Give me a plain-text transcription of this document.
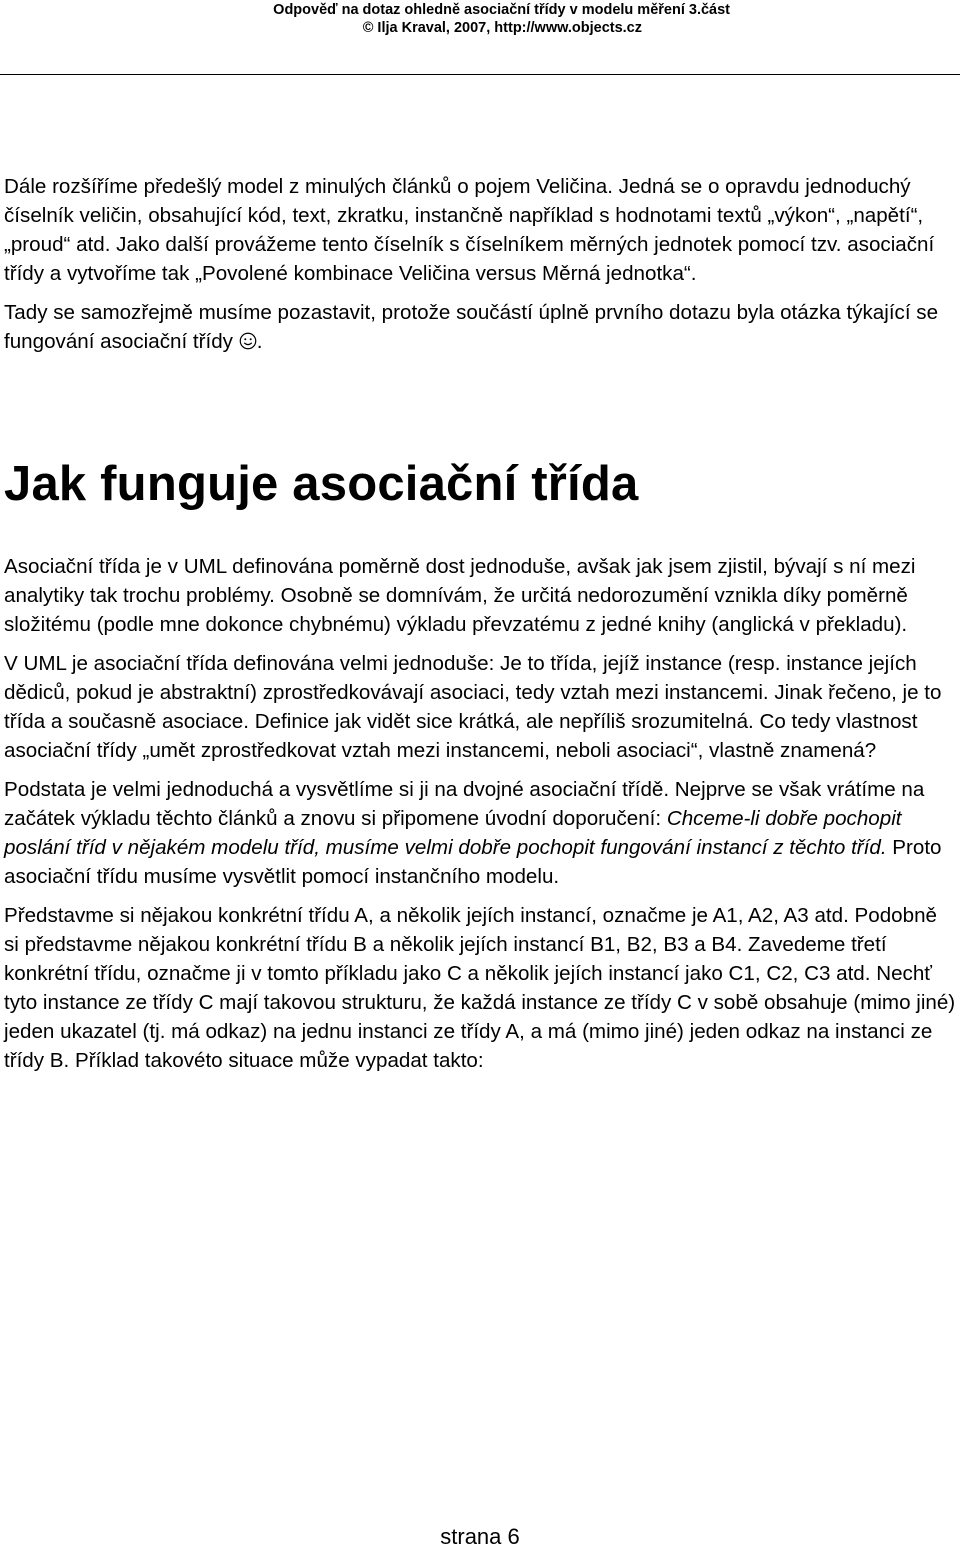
Odpověď na dotaz ohledně asociační třídy v modelu měření 3.část
© Ilja Kraval, 2007, http://www.objects.cz

Dále rozšíříme předešlý model z minulých článků o pojem Veličina. Jedná se o opravdu jednoduchý číselník veličin, obsahující kód, text, zkratku, instančně například s hodnotami textů „výkon“, „napětí“, „proud“ atd. Jako další provážeme tento číselník s číselníkem měrných jednotek pomocí tzv. asociační třídy a vytvoříme tak „Povolené kombinace Veličina versus Měrná jednotka“.

Tady se samozřejmě musíme pozastavit, protože součástí úplně prvního dotazu byla otázka týkající se fungování asociační třídy .

Jak funguje asociační třída

Asociační třída je v UML definována poměrně dost jednoduše, avšak jak jsem zjistil, bývají s ní mezi analytiky tak trochu problémy. Osobně se domnívám, že určitá nedorozumění vznikla díky poměrně složitému (podle mne dokonce chybnému) výkladu převzatému z jedné knihy (anglická v překladu).

V UML je asociační třída definována velmi jednoduše: Je to třída, jejíž instance (resp. instance jejích dědiců, pokud je abstraktní) zprostředkovávají asociaci, tedy vztah mezi instancemi. Jinak řečeno, je to třída a současně asociace. Definice jak vidět sice krátká, ale nepříliš srozumitelná. Co tedy vlastnost asociační třídy „umět zprostředkovat vztah mezi instancemi, neboli asociaci“, vlastně znamená?

Podstata je velmi jednoduchá a vysvětlíme si ji na dvojné asociační třídě. Nejprve se však vrátíme na začátek výkladu těchto článků a znovu si připomene úvodní doporučení: Chceme-li dobře pochopit poslání tříd v nějakém modelu tříd, musíme velmi dobře pochopit fungování instancí z těchto tříd. Proto asociační třídu musíme vysvětlit pomocí instančního modelu.

Představme si nějakou konkrétní třídu A, a několik jejích instancí, označme je A1, A2, A3 atd. Podobně si představme nějakou konkrétní třídu B a několik jejích instancí B1, B2, B3 a B4. Zavedeme třetí konkrétní třídu, označme ji v tomto příkladu jako C a několik jejích instancí jako C1, C2, C3 atd. Nechť tyto instance ze třídy C mají takovou strukturu, že každá instance ze třídy C v sobě obsahuje (mimo jiné) jeden ukazatel (tj. má odkaz) na jednu instanci ze třídy A, a má (mimo jiné) jeden odkaz na instanci ze třídy B. Příklad takovéto situace může vypadat takto:

strana 6
